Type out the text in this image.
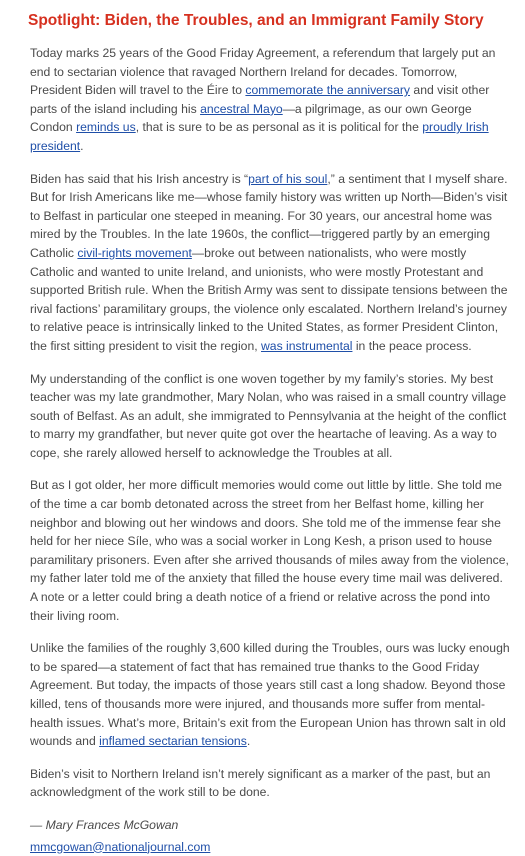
Spotlight: Biden, the Troubles, and an Immigrant Family Story

Today marks 25 years of the Good Friday Agreement, a referendum that largely put an end to sectarian violence that ravaged Northern Ireland for decades. Tomorrow, President Biden will travel to the Éire to commemorate the anniversary and visit other parts of the island including his ancestral Mayo—a pilgrimage, as our own George Condon reminds us, that is sure to be as personal as it is political for the proudly Irish president.

Biden has said that his Irish ancestry is “part of his soul,” a sentiment that I myself share. But for Irish Americans like me—whose family history was written up North—Biden’s visit to Belfast in particular one steeped in meaning. For 30 years, our ancestral home was mired by the Troubles. In the late 1960s, the conflict—triggered partly by an emerging Catholic civil-rights movement—broke out between nationalists, who were mostly Catholic and wanted to unite Ireland, and unionists, who were mostly Protestant and supported British rule. When the British Army was sent to dissipate tensions between the rival factions’ paramilitary groups, the violence only escalated. Northern Ireland’s journey to relative peace is intrinsically linked to the United States, as former President Clinton, the first sitting president to visit the region, was instrumental in the peace process.

My understanding of the conflict is one woven together by my family’s stories. My best teacher was my late grandmother, Mary Nolan, who was raised in a small country village south of Belfast. As an adult, she immigrated to Pennsylvania at the height of the conflict to marry my grandfather, but never quite got over the heartache of leaving. As a way to cope, she rarely allowed herself to acknowledge the Troubles at all.

But as I got older, her more difficult memories would come out little by little. She told me of the time a car bomb detonated across the street from her Belfast home, killing her neighbor and blowing out her windows and doors. She told me of the immense fear she held for her niece Síle, who was a social worker in Long Kesh, a prison used to house paramilitary prisoners. Even after she arrived thousands of miles away from the violence, my father later told me of the anxiety that filled the house every time mail was delivered. A note or a letter could bring a death notice of a friend or relative across the pond into their living room.

Unlike the families of the roughly 3,600 killed during the Troubles, ours was lucky enough to be spared—a statement of fact that has remained true thanks to the Good Friday Agreement. But today, the impacts of those years still cast a long shadow. Beyond those killed, tens of thousands more were injured, and thousands more suffer from mental-health issues. What’s more, Britain’s exit from the European Union has thrown salt in old wounds and inflamed sectarian tensions.

Biden’s visit to Northern Ireland isn’t merely significant as a marker of the past, but an acknowledgment of the work still to be done.

— Mary Frances McGowan

mmcgowan@nationaljournal.com
